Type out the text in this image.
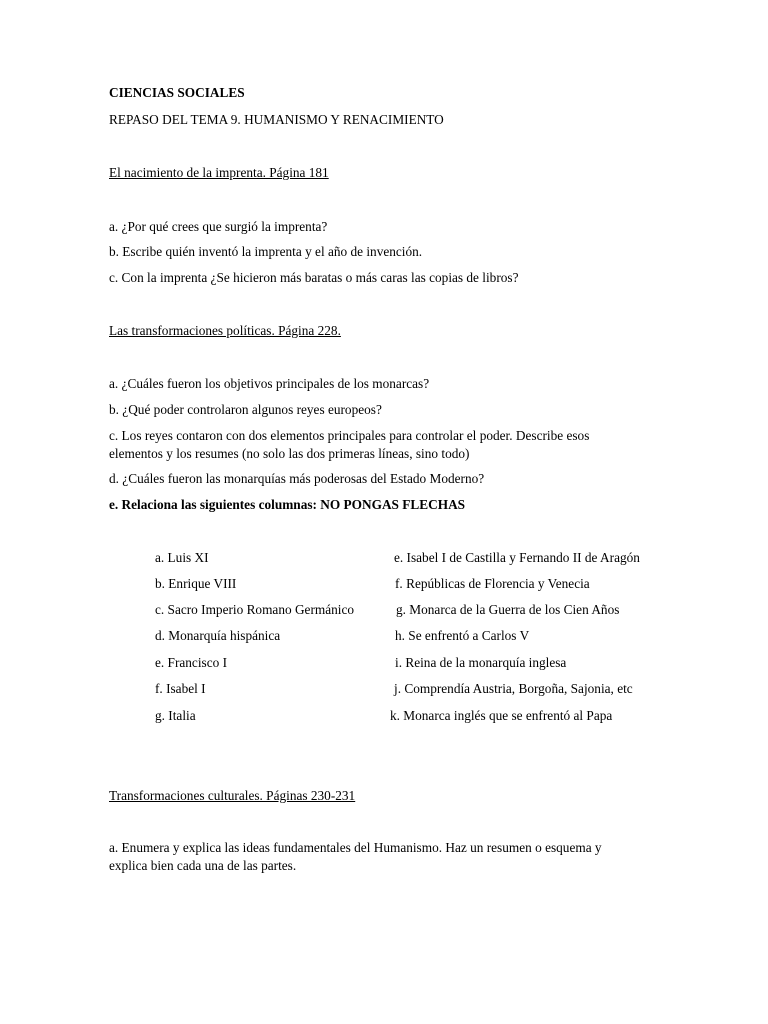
CIENCIAS SOCIALES
REPASO DEL TEMA 9. HUMANISMO Y RENACIMIENTO
El nacimiento de la imprenta. Página 181
a. ¿Por qué crees que surgió la imprenta?
b. Escribe quién inventó la imprenta y el año de invención.
c. Con la imprenta ¿Se hicieron más baratas o más caras las copias de libros?
Las transformaciones políticas. Página 228.
a. ¿Cuáles fueron los objetivos principales de los monarcas?
b. ¿Qué poder controlaron algunos reyes europeos?
c. Los reyes contaron con dos elementos principales para controlar el poder. Describe esos
elementos y los resumes (no solo las dos primeras líneas, sino todo)
d. ¿Cuáles fueron las monarquías más poderosas del Estado Moderno?
e. Relaciona las siguientes columnas: NO PONGAS FLECHAS
a. Luis XI
b. Enrique VIII
c. Sacro Imperio Romano Germánico
d. Monarquía hispánica
e. Francisco I
f. Isabel I
g. Italia
e. Isabel I de Castilla y Fernando II de Aragón
f. Repúblicas de Florencia y Venecia
g. Monarca de la Guerra de los Cien Años
h. Se enfrentó a Carlos V
i. Reina de la monarquía inglesa
j. Comprendía Austria, Borgoña, Sajonia, etc
k. Monarca inglés que se enfrentó al Papa
Transformaciones culturales. Páginas 230-231
a. Enumera y explica las ideas fundamentales del Humanismo. Haz un resumen o esquema y
explica bien cada una de las partes.
